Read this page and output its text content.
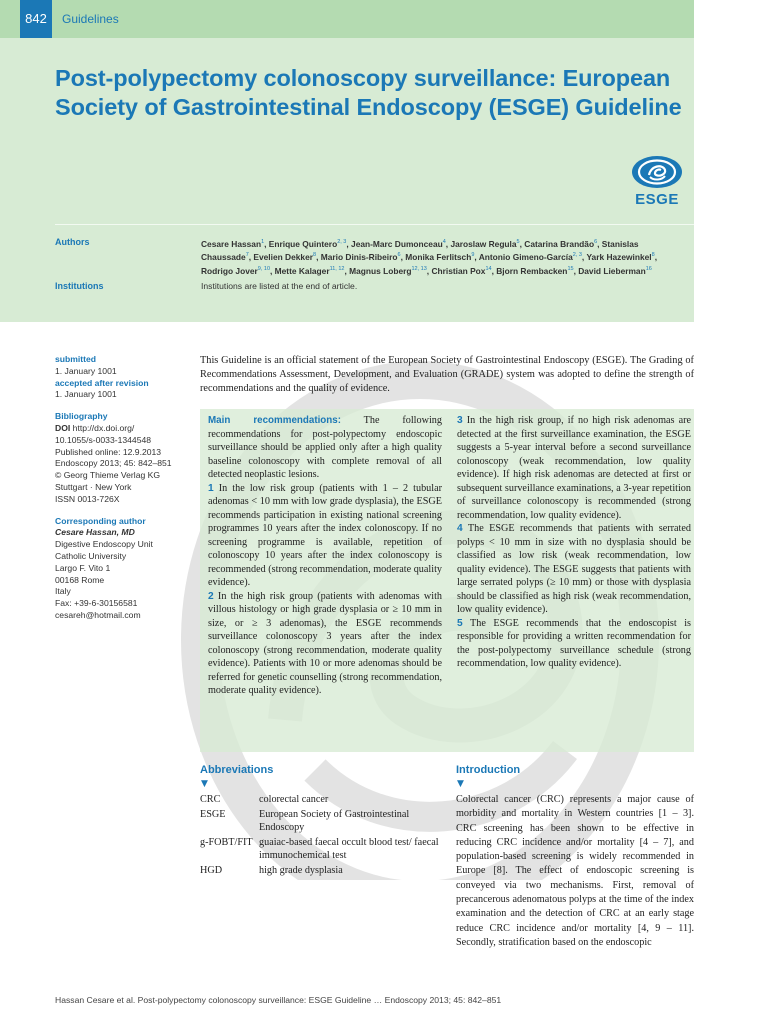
842	Guidelines
Post-polypectomy colonoscopy surveillance: European Society of Gastrointestinal Endoscopy (ESGE) Guideline
ESGE
Authors	Cesare Hassan$^1$, Enrique Quintero$^{2, 3}$, Jean-Marc Dumonceau$^4$, Jaroslaw Regula$^5$, Catarina Brandão$^6$, Stanislas Chaussade$^7$, Evelien Dekker$^8$, Mario Dinis-Ribeiro$^6$, Monika Ferlitsch$^9$, Antonio Gimeno-García$^{2, 3}$, Yark Hazewinkel$^8$, Rodrigo Jover$^{9, 10}$, Mette Kalager$^{11, 12}$, Magnus Loberg$^{12, 13}$, Christian Pox$^{14}$, Bjorn Rembacken$^{15}$, David Lieberman$^{16}$
Institutions	Institutions are listed at the end of article.
submitted
1. January 1001
accepted after revision
1. January 1001
Bibliography
DOI http://dx.doi.org/
10.1055/s-0033-1344548
Published online: 12.9.2013
Endoscopy 2013; 45: 842–851
© Georg Thieme Verlag KG
Stuttgart · New York
ISSN 0013-726X
Corresponding author
Cesare Hassan, MD
Digestive Endoscopy Unit
Catholic University
Largo F. Vito 1
00168 Rome
Italy
Fax: +39-6-30156581
cesareh@hotmail.com

This Guideline is an official statement of the European Society of Gastrointestinal Endoscopy (ESGE). The Grading of Recommendations Assessment, Development, and Evaluation (GRADE) system was adopted to define the strength of recommendations and the quality of evidence.

Main recommendations: The following recommendations for post-polypectomy endoscopic surveillance should be applied only after a high quality baseline colonoscopy with complete removal of all detected neoplastic lesions.
1 In the low risk group (patients with 1 – 2 tubular adenomas < 10 mm with low grade dysplasia), the ESGE recommends participation in existing national screening programmes 10 years after the index colonoscopy. If no screening programme is available, repetition of colonoscopy 10 years after the index colonoscopy is recommended (strong recommendation, moderate quality evidence).
2 In the high risk group (patients with adenomas with villous histology or high grade dysplasia or ≥ 10 mm in size, or ≥ 3 adenomas), the ESGE recommends surveillance colonoscopy 3 years after the index colonoscopy (strong recommendation, moderate quality evidence). Patients with 10 or more adenomas should be referred for genetic counselling (strong recommendation, moderate quality evidence).
3 In the high risk group, if no high risk adenomas are detected at the first surveillance examination, the ESGE suggests a 5-year interval before a second surveillance colonoscopy (weak recommendation, low quality evidence). If high risk adenomas are detected at first or subsequent surveillance examinations, a 3-year repetition of surveillance colonoscopy is recommended (strong recommendation, low quality evidence).
4 The ESGE recommends that patients with serrated polyps < 10 mm in size with no dysplasia should be classified as low risk (weak recommendation, low quality evidence). The ESGE suggests that patients with large serrated polyps (≥ 10 mm) or those with dysplasia should be classified as high risk (weak recommendation, low quality evidence).
5 The ESGE recommends that the endoscopist is responsible for providing a written recommendation for the post-polypectomy surveillance schedule (strong recommendation, low quality evidence).
Abbreviations
▼
CRC	colorectal cancer
ESGE	European Society of Gastrointestinal Endoscopy
g-FOBT/FIT guaiac-based faecal occult blood test/ faecal immunochemical test
HGD	high grade dysplasia
Introduction
▼

Colorectal cancer (CRC) represents a major cause of morbidity and mortality in Western countries [1 – 3]. CRC screening has been shown to be effective in reducing CRC incidence and/or mortality [4 – 7], and population-based screening is widely recommended in Europe [8]. The effect of endoscopic screening is conveyed via two mechanisms. First, removal of precancerous adenomatous polyps at the time of the index examination and the detection of CRC at an early stage reduce CRC incidence and/or mortality [4, 9 – 11]. Secondly, stratification based on the endoscopic

Hassan Cesare et al. Post-polypectomy colonoscopy surveillance: ESGE Guideline … Endoscopy 2013; 45: 842–851
